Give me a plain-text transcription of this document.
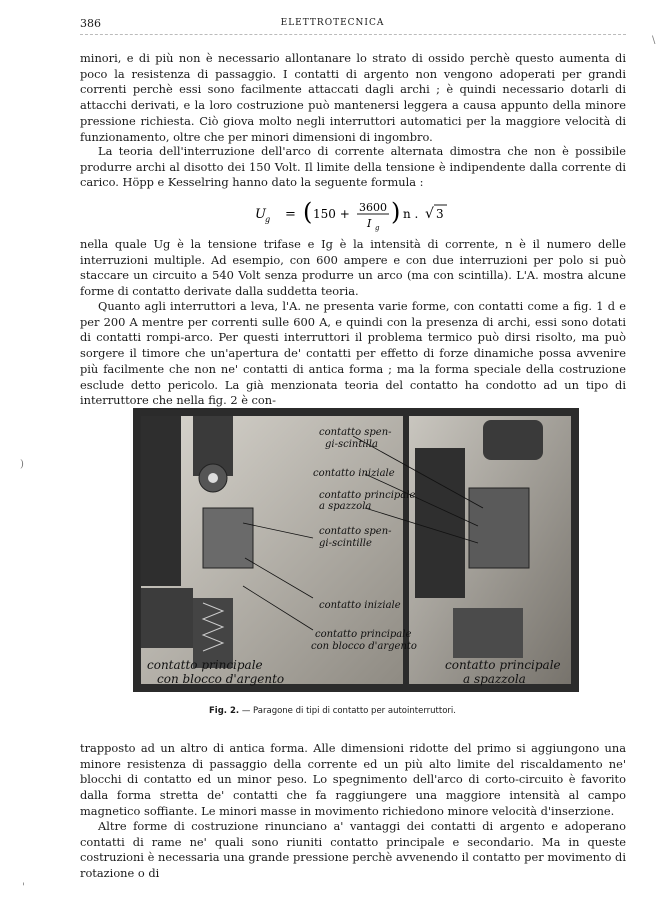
386	ELETTROTECNICA

minori, e di più non è necessario allontanare lo strato di ossido perchè questo aumenta di poco la resistenza di passaggio. I contatti di argento non vengono adoperati per grandi correnti perchè essi sono facilmente attaccati dagli archi ; è quindi necessario dotarli di attacchi derivati, e la loro costruzione può mantenersi leggera a causa appunto della minore pressione richiesta. Ciò giova molto negli interruttori automatici per la maggiore velocità di funzionamento, oltre che per minori dimensioni di ingombro.

La teoria dell'interruzione dell'arco di corrente alternata dimostra che non è possibile produrre archi al disotto dei 150 Volt. Il limite della tensione è indipendente dalla corrente di carico. Höpp e Kesselring hanno dato la seguente formula :

U g = ( 150 + 3600
I g
) n . √ 3

nella quale Ug è la tensione trifase e Ig è la intensità di corrente, n è il numero delle interruzioni multiple. Ad esempio, con 600 ampere e con due interruzioni per polo si può staccare un circuito a 540 Volt senza produrre un arco (ma con scintilla). L'A. mostra alcune forme di contatto derivate dalla suddetta teoria.

Quanto agli interruttori a leva, l'A. ne presenta varie forme, con contatti come a fig. 1 d e per 200 A mentre per correnti sulle 600 A, e quindi con la presenza di archi, essi sono dotati di contatti rompi-arco. Per questi interruttori il problema termico può dirsi risolto, ma può sorgere il timore che un'apertura de' contatti per effetto di forze dinamiche possa avvenire più facilmente che non ne' contatti di antica forma ; ma la forma speciale della costruzione esclude detto pericolo. La già menzionata teoria del contatto ha condotto ad un tipo di interruttore che nella fig. 2 è con-

contatto spen-
gi-scintilla
contatto iniziale
contatto principale
a spazzola
contatto spen-
gi-scintille
contatto iniziale
contatto principale
con blocco d'argento
contatto principale
con blocco d'argento
contatto principale
a spazzola
Fig. 2. — Paragone di tipi di contatto per autointerruttori.

trapposto ad un altro di antica forma. Alle dimensioni ridotte del primo si aggiungono una minore resistenza di passaggio della corrente ed un più alto limite del riscaldamento ne' blocchi di contatto ed un minor peso. Lo spegnimento dell'arco di corto-circuito è favorito dalla forma stretta de' contatti che fa raggiungere una maggiore intensità al campo magnetico soffiante. Le minori masse in movimento richiedono minore velocità d'inserzione.

Altre forme di costruzione rinunciano a' vantaggi dei contatti di argento e adoperano contatti di rame ne' quali sono riuniti contatto principale e secondario. Ma in queste costruzioni è necessaria una grande pressione perchè avvenendo il contatto per movimento di rotazione o di

\
)
'
